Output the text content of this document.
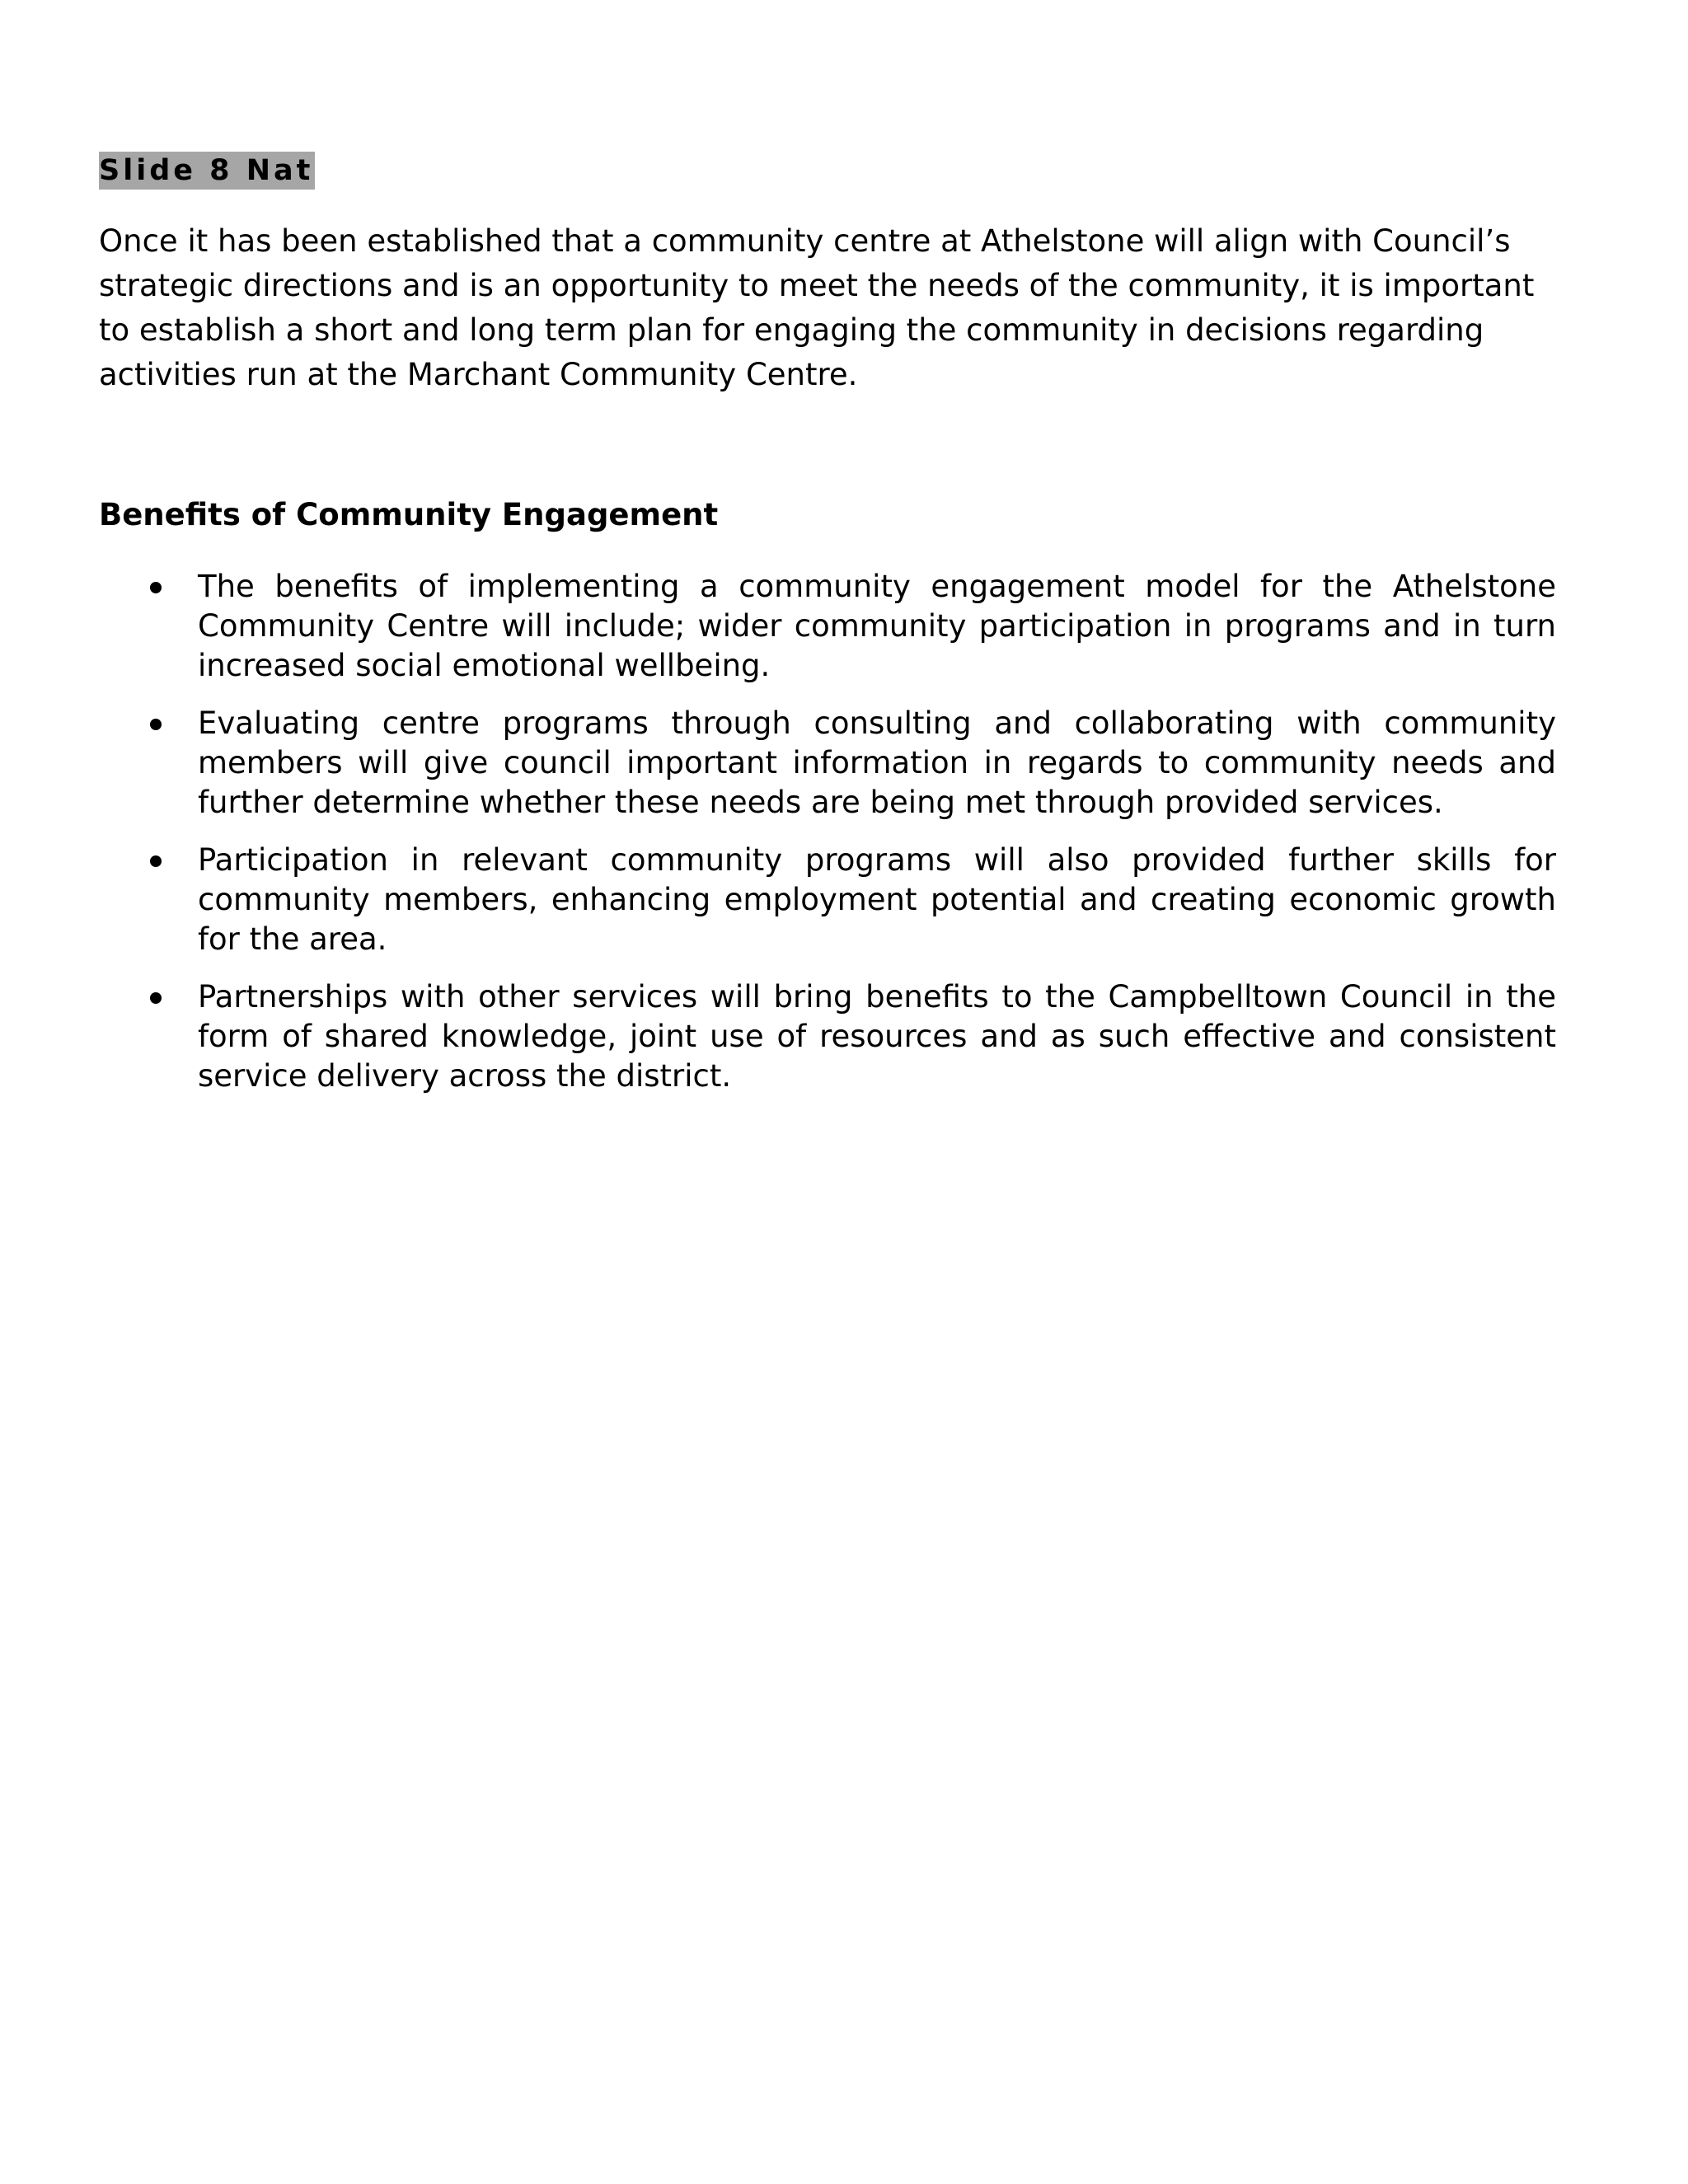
Slide 8 Nat

Once it has been established that a community centre at Athelstone will align with Council’s strategic directions and is an opportunity to meet the needs of the community, it is important to establish a short and long term plan for engaging the community in decisions regarding activities run at the Marchant Community Centre.

Benefits of Community Engagement
The benefits of implementing a community engagement model for the Athelstone Community Centre will include; wider community participation in programs and in turn increased social emotional wellbeing.
Evaluating centre programs through consulting and collaborating with community members will give council important information in regards to community needs and further determine whether these needs are being met through provided services.
Participation in relevant community programs will also provided further skills for community members, enhancing employment potential and creating economic growth for the area.
Partnerships with other services will bring benefits to the Campbelltown Council in the form of shared knowledge, joint use of resources and as such effective and consistent service delivery across the district.
